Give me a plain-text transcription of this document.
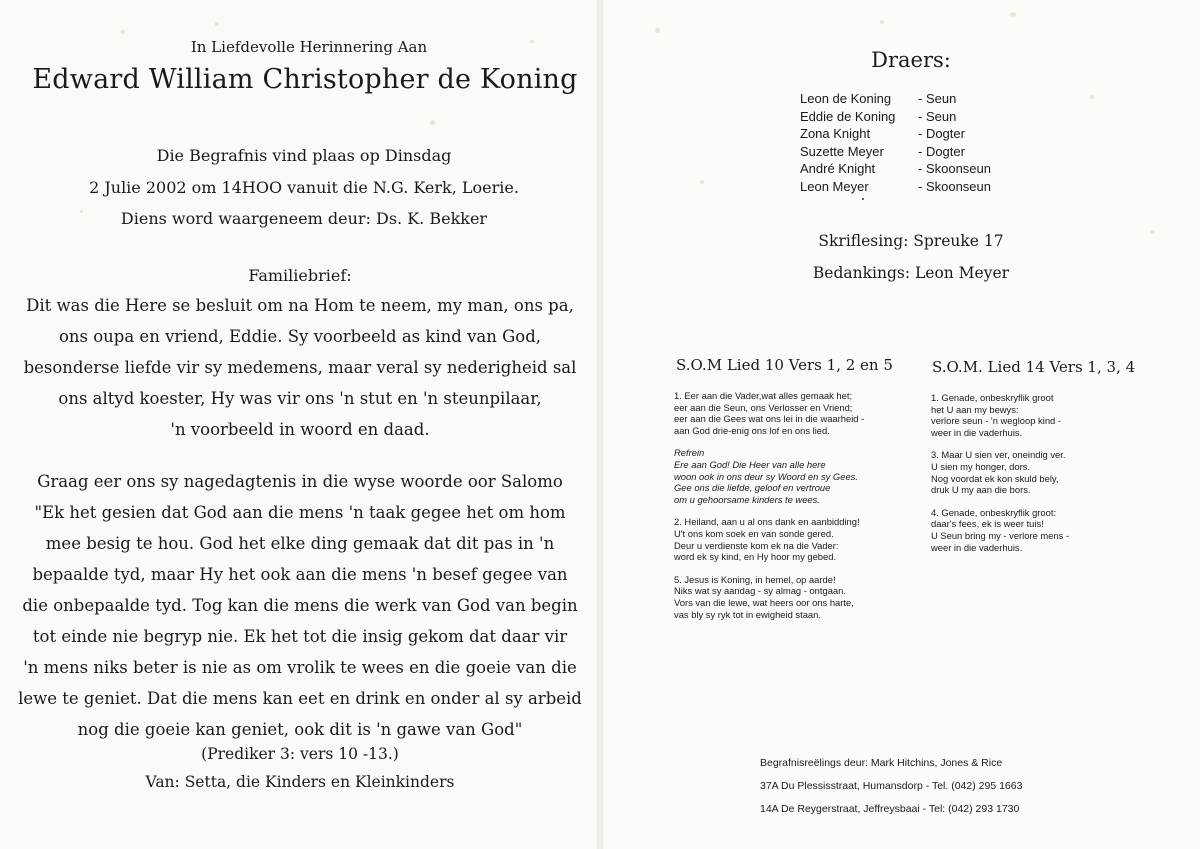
In Liefdevolle Herinnering Aan
Edward William Christopher de Koning
Die Begrafnis vind plaas op Dinsdag
2 Julie 2002 om 14HOO vanuit die N.G. Kerk, Loerie.
Diens word waargeneem deur: Ds. K. Bekker
Familiebrief:
Dit was die Here se besluit om na Hom te neem, my man, ons pa,
ons oupa en vriend, Eddie. Sy voorbeeld as kind van God,
besonderse liefde vir sy medemens, maar veral sy nederigheid sal
ons altyd koester, Hy was vir ons 'n stut en 'n steunpilaar,
'n voorbeeld in woord en daad.
Graag eer ons sy nagedagtenis in die wyse woorde oor Salomo
"Ek het gesien dat God aan die mens 'n taak gegee het om hom
mee besig te hou. God het elke ding gemaak dat dit pas in 'n
bepaalde tyd, maar Hy het ook aan die mens 'n besef gegee van
die onbepaalde tyd. Tog kan die mens die werk van God van begin
tot einde nie begryp nie. Ek het tot die insig gekom dat daar vir
'n mens niks beter is nie as om vrolik te wees en die goeie van die
lewe te geniet. Dat die mens kan eet en drink en onder al sy arbeid
nog die goeie kan geniet, ook dit is 'n gawe van God"
(Prediker 3: vers 10 -13.)
Van: Setta, die Kinders en Kleinkinders
Draers:
Leon de Koning - Seun
Eddie de Koning - Seun
Zona Knight	- Dogter
Suzette Meyer	- Dogter
André Knight	- Skoonseun
Leon Meyer	- Skoonseun
Skriflesing: Spreuke 17
Bedankings: Leon Meyer
S.O.M Lied 10 Vers 1, 2 en 5
1. Eer aan die Vader,wat alles gemaak het;
eer aan die Seun, ons Verlosser en Vriend;
eer aan die Gees wat ons lei in die waarheid -
aan God drie-enig ons lof en ons lied.
Refrein
Ere aan God! Die Heer van alle here
woon ook in ons deur sy Woord en sy Gees.
Gee ons die liefde, geloof en vertroue
om u gehoorsame kinders te wees.
2. Heiland, aan u al ons dank en aanbidding!
U't ons kom soek en van sonde gered.
Deur u verdienste kom ek na die Vader:
word ek sy kind, en Hy hoor my gebed.
5. Jesus is Koning, in hemel, op aarde!
Niks wat sy aandag - sy almag - ontgaan.
Vors van die lewe, wat heers oor ons harte,
vas bly sy ryk tot in ewigheid staan.
S.O.M. Lied 14 Vers 1, 3, 4
1. Genade, onbeskryflik groot
het U aan my bewys:
verlore seun - 'n wegloop kind -
weer in die vaderhuis.
3. Maar U sien ver, oneindig ver.
U sien my honger, dors.
Nog voordat ek kon skuld bely,
druk U my aan die bors.
4. Genade, onbeskryflik groot:
daar's fees, ek is weer tuis!
U Seun bring my - verlore mens -
weer in die vaderhuis.
Begrafnisreëlings deur: Mark Hitchins, Jones & Rice
37A Du Plessisstraat, Humansdorp - Tel. (042) 295 1663
14A De Reygerstraat, Jeffreysbaai - Tel: (042) 293 1730
